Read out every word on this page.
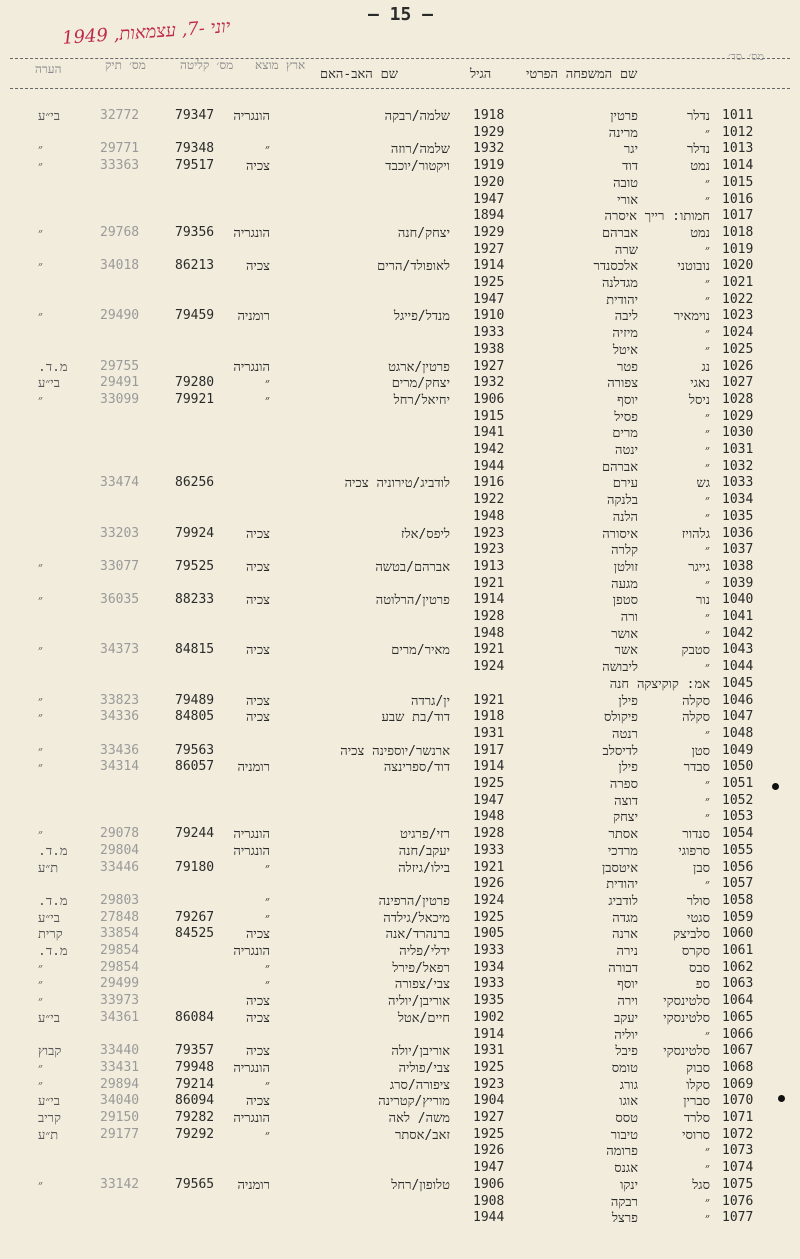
– 15 –
1949 ,יוני -7, עצמאות
מס׳ סד׳
שם המשפחה הפרטי
הגיל
שם האב-האם
ארץ מוצא
מס׳ קליטה
מס׳ תיק
הערה
1011
נדלר
פרטין
1918
שלמה/רבקה
הונגריה
79347
32772
בי״ע
1012
״
מרינה
1929
1013
נדלר
יגר
1932
שלמה/רוזה
״
79348
29771
״
1014
נמט
דוד
1919
ויקטור/יוכבד
צכיה
79517
33363
״
1015
״
טובה
1920
1016
״
אורי
1947
1017
חמותו: רייך איסרה
1894
1018
נמט
אברהם
1929
יצחק/חנה
הונגריה
79356
29768
״
1019
״
שרה
1927
1020
נובוטני
אלכסנדר
1914
לאופולד/הרים
צכיה
86213
34018
״
1021
״
מגדלנה
1925
1022
״
יהודית
1947
1023
נוימאיר
ליבה
1910
מנדל/פייגל
רומניה
79459
29490
״
1024
״
מיזיה
1933
1025
״
איטל
1938
1026
נג
פטר
1927
פרטין/ארגט
הונגריה
29755
מ.ד.
1027
נאגי
צפורה
1932
יצחק/מרים
״
79280
29491
בי״ע
1028
ניסל
יוסף
1906
יחיאל/רחל
״
79921
33099
״
1029
״
פסיל
1915
1030
״
מרים
1941
1031
״
ינטה
1942
1032
״
אברהם
1944
1033
גש
עירם
1916
לודביג/טירוניה צכיה
86256
33474
1034
״
בלנקה
1922
1035
״
הלנה
1948
1036
גלהויז
איסורה
1923
ליפס/אלז
צכיה
79924
33203
1037
״
קלרה
1923
1038
גייגר
זולטן
1913
אברהם/בטשה
צכיה
79525
33077
״
1039
״
מגעה
1921
1040
נור
סטפן
1914
פרטין/הרלוטה
צכיה
88233
36035
״
1041
״
ורה
1928
1042
״
אושר
1948
1043
סטבק
אשר
1921
מאיר/מרים
צכיה
84815
34373
״
1044
״
ליבושה
1924
1045
אמ: קוקיצקה חנה
1046
סקלה
פילן
1921
ין/גרדה
צכיה
79489
33823
״
1047
סקלה
פיקולס
1918
דוד/בת שבע
צכיה
84805
34336
״
1048
״
רנטה
1931
1049
סטן
לדיסלב
1917
ארנשר/יוספינה צכיה
79563
33436
״
1050
סבדר
פילן
1914
דוד/ספרינצה
רומניה
86057
34314
״
1051
״
ספרה
1925
1052
״
דוצה
1947
1053
״
יצחק
1948
1054
סנדור
אסתר
1928
רזי/פרגיט
הונגריה
79244
29078
״
1055
סרפוגי
מרדכי
1933
יעקב/חנה
הונגריה
29804
מ.ד.
1056
סבן
איטסבן
1921
בילו/גיזלה
״
79180
33446
ת״ע
1057
״
יהודית
1926
1058
סולר
לודביג
1924
פרטין/הרפינה
״
29803
מ.ד.
1059
סגטי
מגדה
1925
מיכאל/גילדה
״
79267
27848
בי״ע
1060
סלביצק
ארנה
1905
ברנהרד/אנה
צכיה
84525
33854
קרית
1061
סקרס
נירה
1933
ידלי/פליה
הונגריה
29854
מ.ד.
1062
סבס
דבורה
1934
רפאל/פירל
״
29854
״
1063
ספ
יוסף
1933
צבי/צפורה
״
29499
״
1064
סלטינסקי
וירה
1935
אוריבן/יוליה
צכיה
33973
״
1065
סלטינסקי
יעקב
1902
חיים/אטל
צכיה
86084
34361
בי״ע
1066
״
יוליה
1914
1067
סלטינסקי
פיבל
1931
אוריבן/יולה
צכיה
79357
33440
קבוץ
1068
סבוק
טומס
1925
צבי/פוליה
הונגריה
79948
33431
״
1069
סקלו
גורג
1923
ציפורה/סרג
״
79214
29894
״
1070
סברין
אוגו
1904
מוריץ/קטרינה
צכיה
86094
34040
בי״ע
1071
סלרד
טסס
1927
משה/ לאה
הונגריה
79282
29150
קריב
1072
סרוסי
טיבור
1925
זאב/אסתר
״
79292
29177
ת״ע
1073
״
פרומה
1926
1074
״
אגנס
1947
1075
סגל
ינקו
1906
טלופון/רחל
רומניה
79565
33142
״
1076
״
רבקה
1908
1077
״
פרצל
1944
